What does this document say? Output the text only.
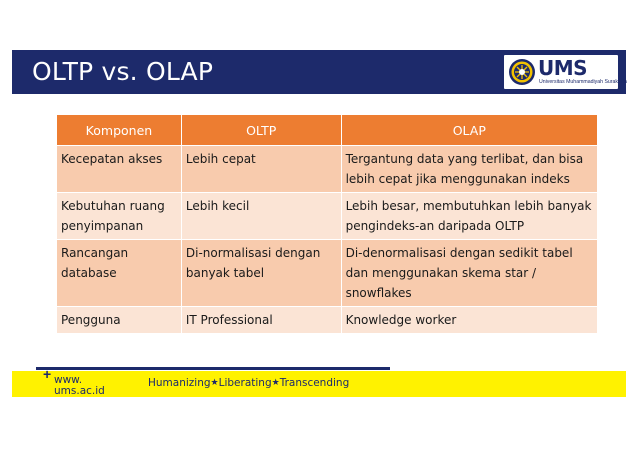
OLTP vs. OLAP	UMS
Universitas Muhammadiyah Surakarta
Komponen	OLTP	OLAP
Kecepatan akses	Lebih cepat	Tergantung data yang terlibat, dan bisa lebih cepat jika menggunakan indeks
Kebutuhan ruang penyimpanan	Lebih kecil	Lebih besar, membutuhkan lebih banyak pengindeks-an daripada OLTP
Rancangan database	Di-normalisasi dengan banyak tabel	Di-denormalisasi dengan sedikit tabel dan menggunakan skema star / snowflakes
Pengguna	IT Professional	Knowledge worker
+ www.
ums.ac.id
Humanizing★Liberating★Transcending
